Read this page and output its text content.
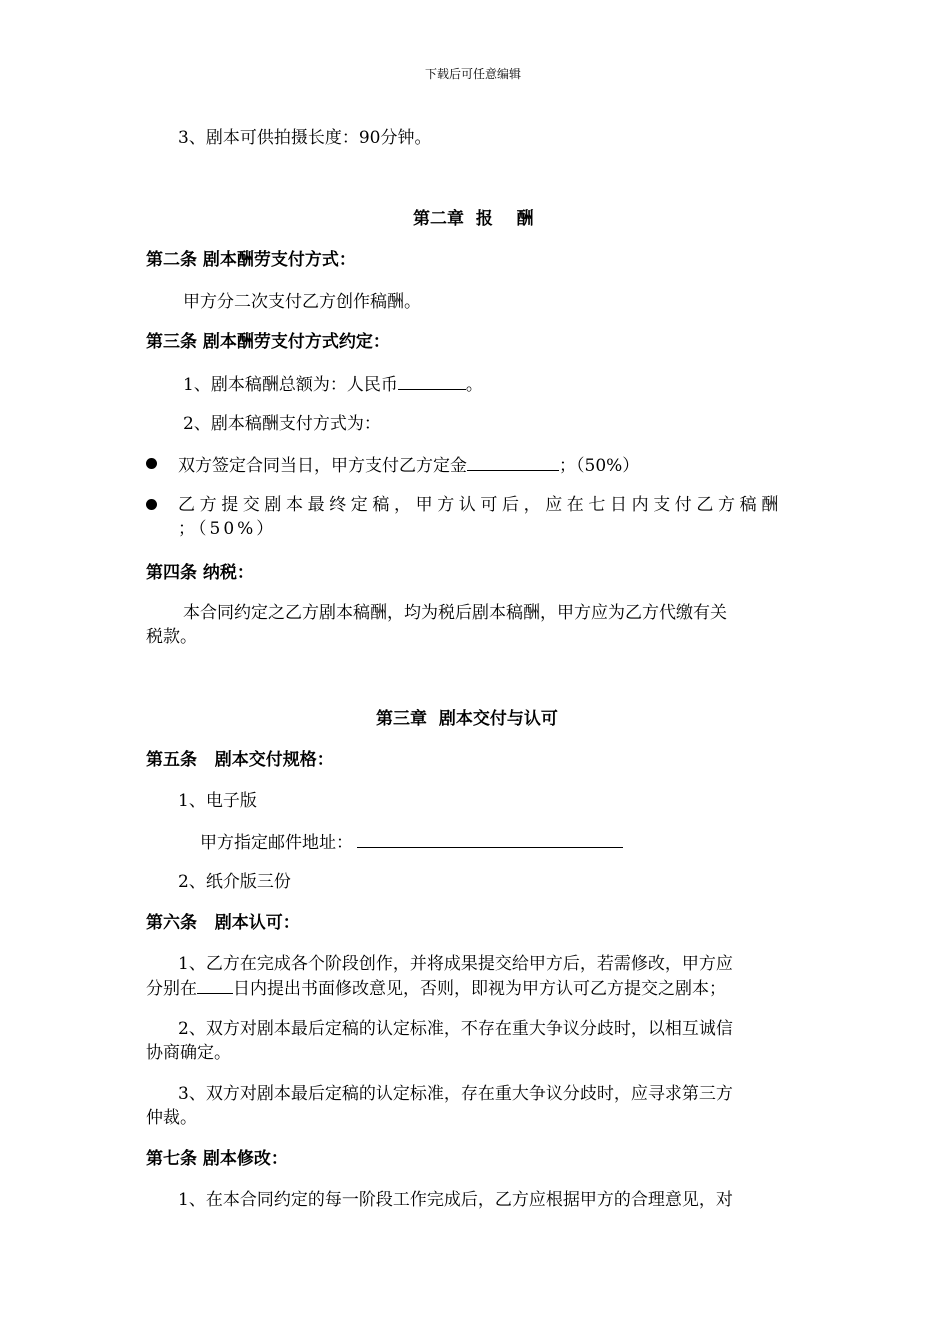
下载后可任意编辑
3、剧本可供拍摄长度：90分钟。
第二章  报    酬
第二条 剧本酬劳支付方式：
甲方分二次支付乙方创作稿酬。
第三条 剧本酬劳支付方式约定：
1、剧本稿酬总额为：人民币	。
2、剧本稿酬支付方式为：
双方签定合同当日，甲方支付乙方定金	；（50%）
乙方提交剧本最终定稿，甲方认可后，应在七日内支付乙方稿酬
；（50%）
第四条 纳税：
本合同约定之乙方剧本稿酬，均为税后剧本稿酬，甲方应为乙方代缴有关
税款。
第三章  剧本交付与认可
第五条   剧本交付规格：
1、电子版
甲方指定邮件地址：
2、纸介版三份
第六条   剧本认可：
1、乙方在完成各个阶段创作，并将成果提交给甲方后，若需修改，甲方应
分别在 日内提出书面修改意见，否则，即视为甲方认可乙方提交之剧本；
2、双方对剧本最后定稿的认定标准，不存在重大争议分歧时，以相互诚信
协商确定。
3、双方对剧本最后定稿的认定标准，存在重大争议分歧时，应寻求第三方
仲裁。
第七条 剧本修改：
1、在本合同约定的每一阶段工作完成后，乙方应根据甲方的合理意见，对
